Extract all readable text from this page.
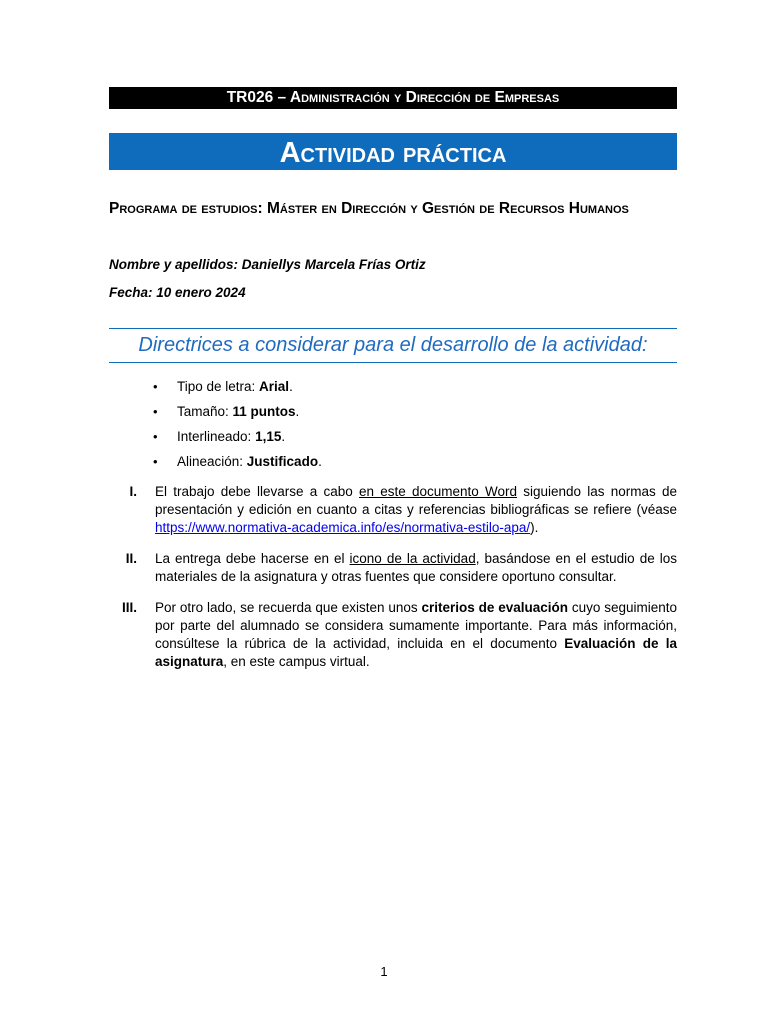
TR026 – Administración y Dirección de Empresas
Actividad práctica
Programa de estudios: Máster en Dirección y Gestión de Recursos Humanos
Nombre y apellidos: Daniellys Marcela Frías Ortiz
Fecha: 10 enero 2024
Directrices a considerar para el desarrollo de la actividad:
• Tipo de letra: Arial.
• Tamaño: 11 puntos.
• Interlineado: 1,15.
• Alineación: Justificado.
I. El trabajo debe llevarse a cabo en este documento Word siguiendo las normas de presentación y edición en cuanto a citas y referencias bibliográficas se refiere (véase https://www.normativa-academica.info/es/normativa-estilo-apa/).
II. La entrega debe hacerse en el icono de la actividad, basándose en el estudio de los materiales de la asignatura y otras fuentes que considere oportuno consultar.
III. Por otro lado, se recuerda que existen unos criterios de evaluación cuyo seguimiento por parte del alumnado se considera sumamente importante. Para más información, consúltese la rúbrica de la actividad, incluida en el documento Evaluación de la asignatura, en este campus virtual.
1
